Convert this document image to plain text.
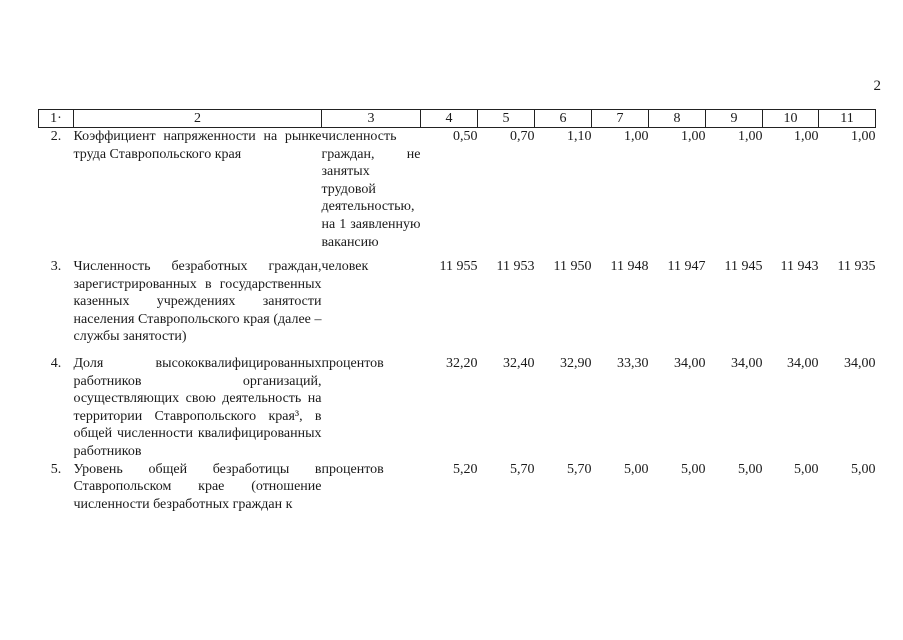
2
1·	2	3	4	5	6	7	8	9	10	11
2.	Коэффициент напряженности на рынке труда Ставропольского края	численность граждан, не занятых трудовой деятельностью, на 1 заявленную вакансию	0,50	0,70	1,10	1,00	1,00	1,00	1,00	1,00
3.	Численность безработных граждан, зарегистрированных в государственных казенных учреждениях занятости населения Ставропольского края (далее – службы занятости)	человек	11 955	11 953	11 950	11 948	11 947	11 945	11 943	11 935
4.	Доля высококвалифицированных работников организаций, осуществляющих свою деятельность на территории Ставропольского края³, в общей численности квалифицированных работников	процентов	32,20	32,40	32,90	33,30	34,00	34,00	34,00	34,00
5.	Уровень общей безработицы в Ставропольском крае (отношение численности безработных граждан к	процентов	5,20	5,70	5,70	5,00	5,00	5,00	5,00	5,00
